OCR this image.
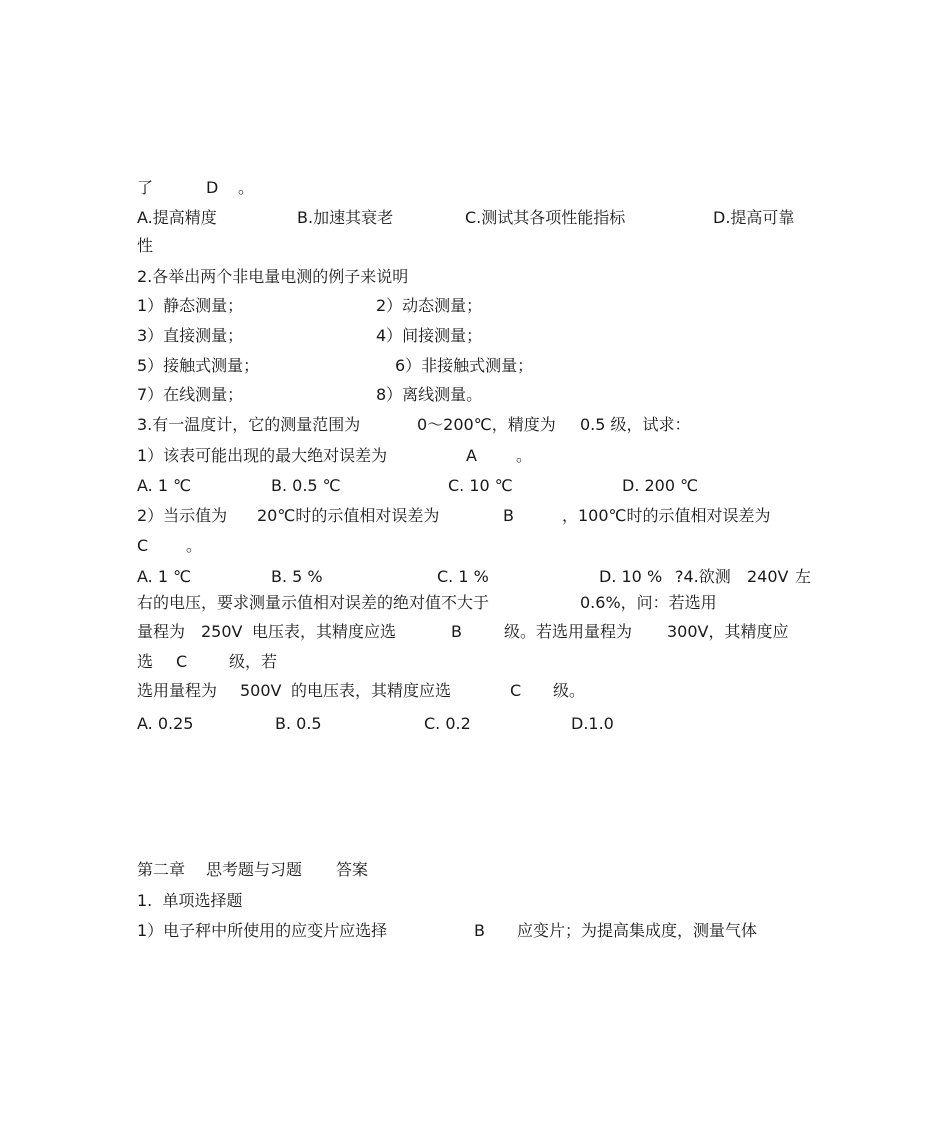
了	D 。
A.提高精度	B.加速其衰老	C.测试其各项性能指标	D.提高可靠
性
2.各举出两个非电量电测的例子来说明
1）静态测量；	2）动态测量；
3）直接测量；	4）间接测量；
5）接触式测量；	6）非接触式测量；
7）在线测量；	8）离线测量。
3.有一温度计，它的测量范围为	0～200℃，精度为 0.5 级，试求：
1）该表可能出现的最大绝对误差为	A 。
A. 1 ℃	B. 0.5 ℃	C. 10 ℃	D. 200 ℃
2）当示值为 20℃时的示值相对误差为	B	，100℃时的示值相对误差为
C 。
A. 1 ℃	B. 5 %	C. 1 %	D. 10 % ?4.欲测 240V 左
右的电压，要求测量示值相对误差的绝对值不大于	0.6%，问：若选用
量程为 250V 电压表，其精度应选	B	级。若选用量程为 300V，其精度应
选 C	级，若
选用量程为 500V 的电压表，其精度应选	C 级。
A. 0.25	B. 0.5	C. 0.2	D.1.0
第二章 思考题与习题 答案
1.  单项选择题
1）电子秤中所使用的应变片应选择	B 应变片；为提高集成度，测量气体
